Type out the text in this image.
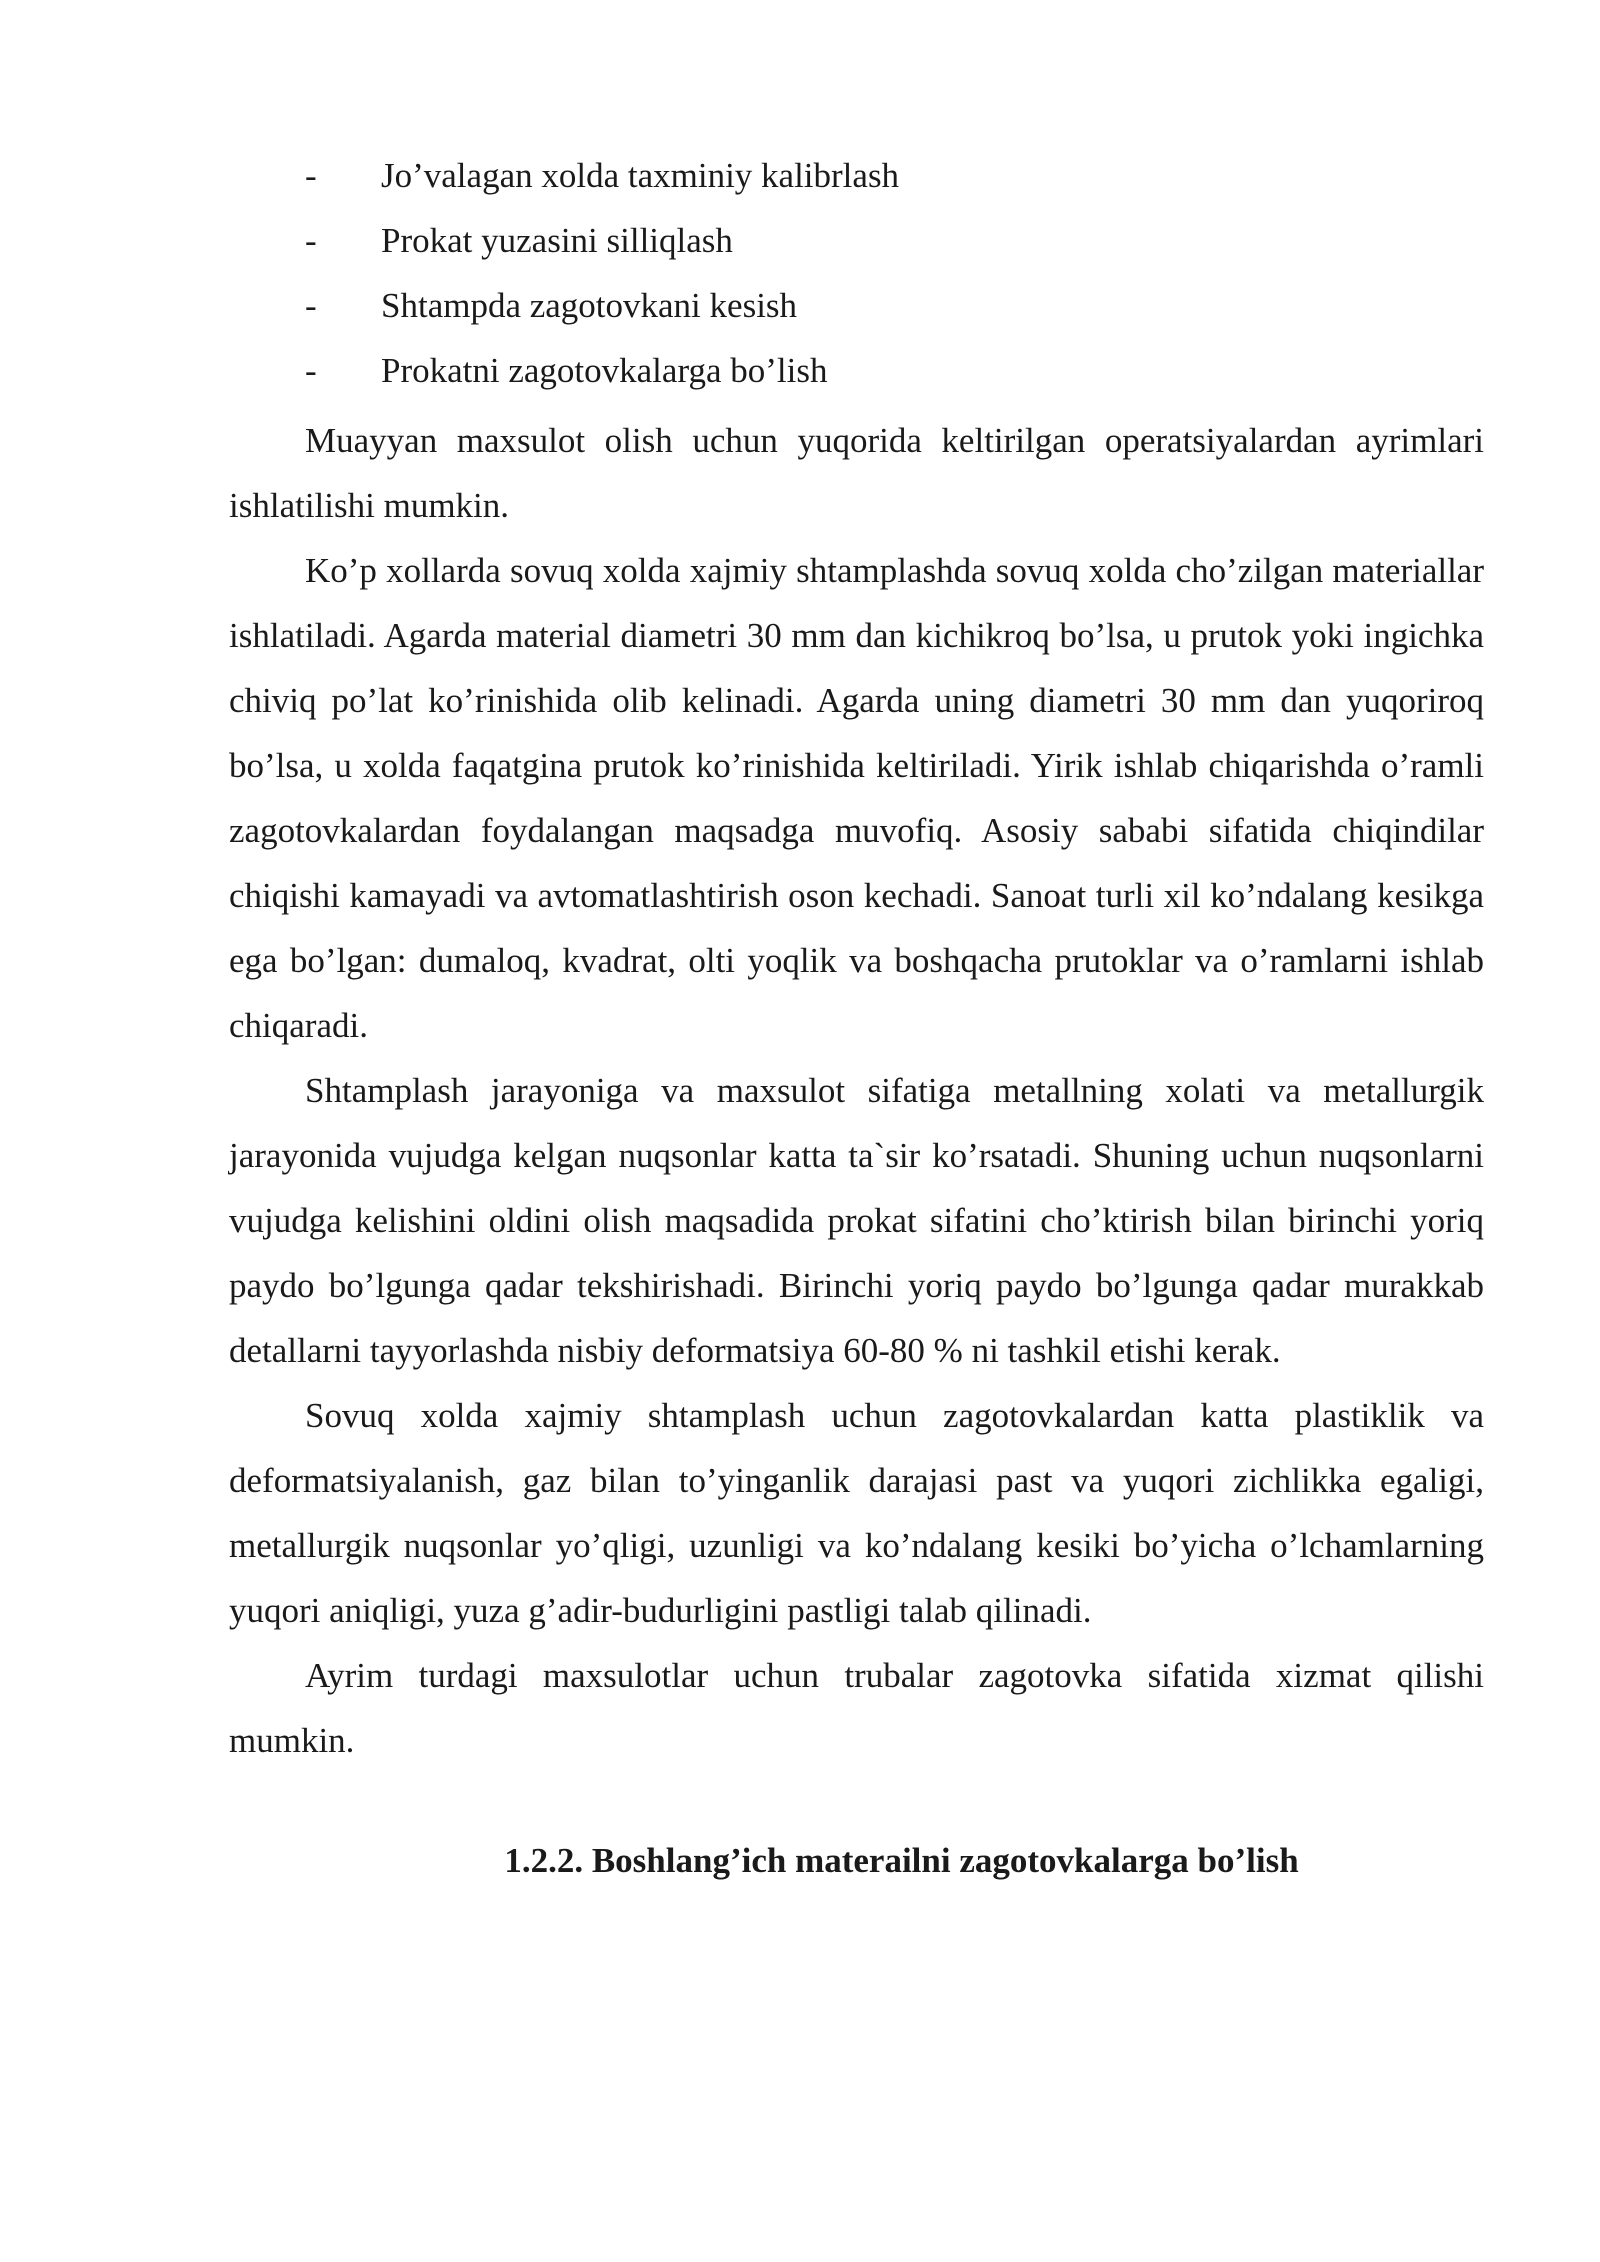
- Jo’valagan xolda taxminiy kalibrlash
- Prokat yuzasini silliqlash
- Shtampda zagotovkani kesish
- Prokatni zagotovkalarga bo’lish

Muayyan maxsulot olish uchun yuqorida keltirilgan operatsiyalardan ayrimlari ishlatilishi mumkin.

Ko’p xollarda sovuq xolda xajmiy shtamplashda sovuq xolda cho’zilgan materiallar ishlatiladi. Agarda material diametri 30 mm dan kichikroq bo’lsa, u prutok yoki ingichka chiviq po’lat ko’rinishida olib kelinadi. Agarda uning diametri 30 mm dan yuqoriroq bo’lsa, u xolda faqatgina prutok ko’rinishida keltiriladi. Yirik ishlab chiqarishda o’ramli zagotovkalardan foydalangan maqsadga muvofiq. Asosiy sababi sifatida chiqindilar chiqishi kamayadi va avtomatlashtirish oson kechadi. Sanoat turli xil ko’ndalang kesikga ega bo’lgan: dumaloq, kvadrat, olti yoqlik va boshqacha prutoklar va o’ramlarni ishlab chiqaradi.

Shtamplash jarayoniga va maxsulot sifatiga metallning xolati va metallurgik jarayonida vujudga kelgan nuqsonlar katta ta`sir ko’rsatadi. Shuning uchun nuqsonlarni vujudga kelishini oldini olish maqsadida prokat sifatini cho’ktirish bilan birinchi yoriq paydo bo’lgunga qadar tekshirishadi. Birinchi yoriq paydo bo’lgunga qadar murakkab detallarni tayyorlashda nisbiy deformatsiya 60-80 % ni tashkil etishi kerak.

Sovuq xolda xajmiy shtamplash uchun zagotovkalardan katta plastiklik va deformatsiyalanish, gaz bilan to’yinganlik darajasi past va yuqori zichlikka egaligi, metallurgik nuqsonlar yo’qligi, uzunligi va ko’ndalang kesiki bo’yicha o’lchamlarning yuqori aniqligi, yuza g’adir-budurligini pastligi talab qilinadi.

Ayrim turdagi maxsulotlar uchun trubalar zagotovka sifatida xizmat qilishi mumkin.

1.2.2. Boshlang’ich materailni zagotovkalarga bo’lish
